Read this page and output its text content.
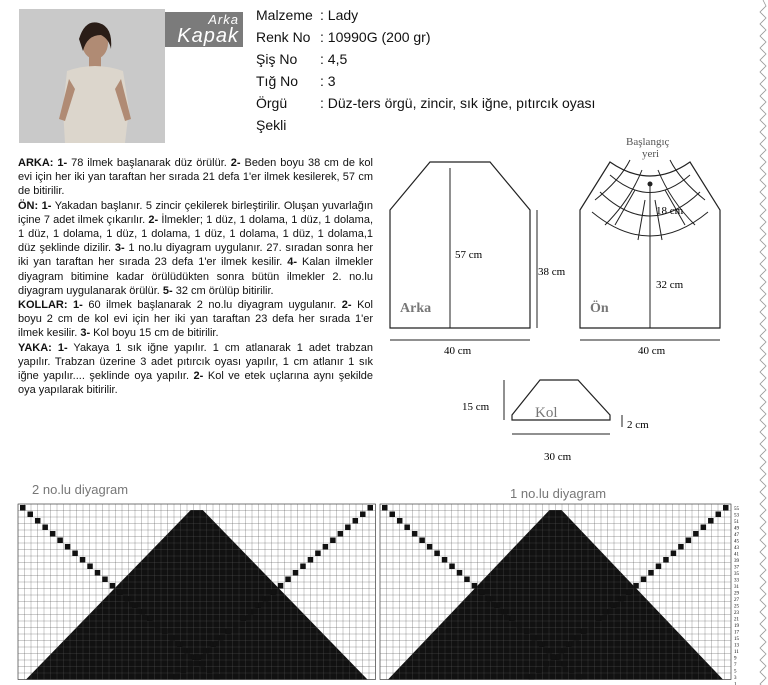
Arka
Kapak
Malzeme : Lady
Renk No : 10990G (200 gr)
Şiş No	: 4,5
Tığ No	: 3
Örgü Şekli
: Düz-ters örgü, zincir, sık iğne, pıtırcık oyası

ARKA: 1- 78 ilmek başlanarak düz örülür. 2- Beden boyu 38 cm de kol evi için her iki yan taraftan her sırada 21 defa 1'er ilmek kesilerek, 57 cm de bitirilir.

ÖN: 1- Yakadan başlanır. 5 zincir çekilerek birleştirilir. Oluşan yuvarlağın içine 7 adet ilmek çıkarılır. 2- İlmekler; 1 düz, 1 dolama, 1 düz, 1 dolama, 1 düz, 1 dolama, 1 düz, 1 dolama, 1 düz, 1 dolama, 1 düz, 1 dolama,1 düz şeklinde dizilir. 3- 1 no.lu diyagram uygulanır. 27. sıradan sonra her iki yan taraftan her sırada 23 defa 1'er ilmek kesilir. 4- Kalan ilmekler diyagram bitimine kadar örülüdükten sonra bütün ilmekler 2. no.lu diyagram uygulanarak örülür. 5- 32 cm örülüp bitirilir.

KOLLAR: 1- 60 ilmek başlanarak 2 no.lu diyagram uygulanır. 2- Kol boyu 2 cm de kol evi için her iki yan taraftan 23 defa her sırada 1'er ilmek kesilir. 3- Kol boyu 15 cm de bitirilir.

YAKA: 1- Yakaya 1 sık iğne yapılır. 1 cm atlanarak 1 adet trabzan yapılır. Trabzan üzerine 3 adet pıtırcık oyası yapılır, 1 cm atlanır 1 sık iğne yapılır.... şeklinde oya yapılır. 2- Kol ve etek uçlarına aynı şekilde oya yapılarak bitirilir.

57 cm
Arka
40 cm
38 cm
Başlangıç
yeri
18 cm
32 cm
Ön
40 cm
15 cm	Kol
2 cm
30 cm
2 no.lu diyagram	1 no.lu diyagram
55
53
51
49
47
45
43
41
39
37
35
33
31
29
27
25
23
21
19
17
15
13
11
9
7
5
3
1
